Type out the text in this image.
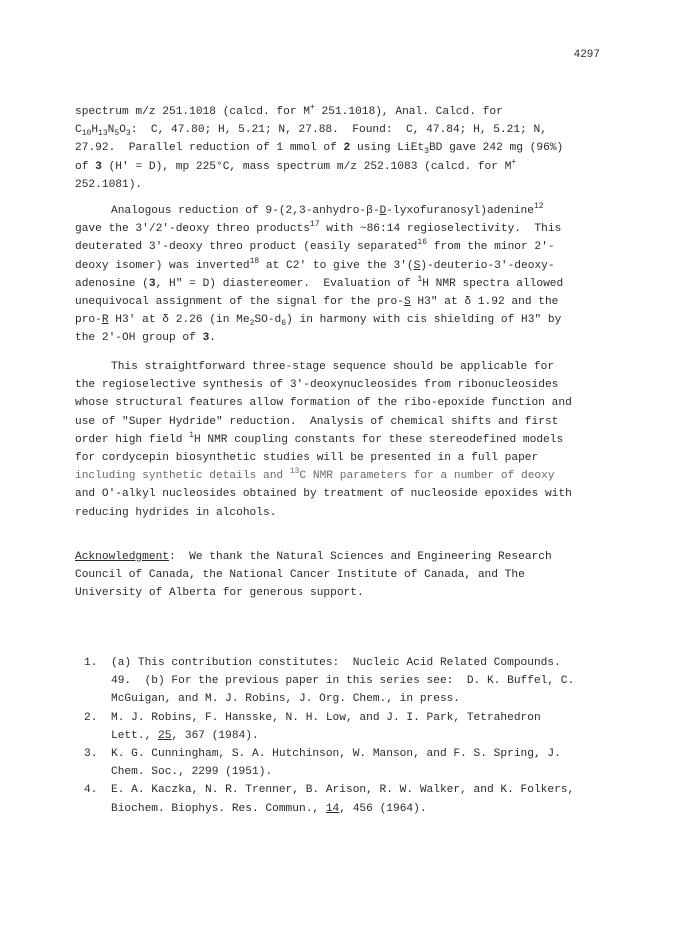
4297
spectrum m/z 251.1018 (calcd. for M+ 251.1018), Anal. Calcd. for
$C_{10}H_{13}N_5O_3$:  C, 47.80; H, 5.21; N, 27.88.  Found:  C, 47.84; H, 5.21; N,
27.92.  Parallel reduction of 1 mmol of 2 using LiEt$_3$BD gave 242 mg (96%)
of 3 (H' = D), mp 225°C, mass spectrum m/z 252.1083 (calcd. for M+
252.1081).
Analogous reduction of 9-(2,3-anhydro-β-D-lyxofuranosyl)adenine$^{12}$
gave the 3'/2'-deoxy threo products$^{17}$ with ~86:14 regioselectivity.  This
deuterated 3'-deoxy threo product (easily separated$^{16}$ from the minor 2'-
deoxy isomer) was inverted$^{18}$ at C2' to give the 3'(S)-deuterio-3'-deoxy-
adenosine (3, H" = D) diastereomer.  Evaluation of $^1$H NMR spectra allowed
unequivocal assignment of the signal for the pro-S H3" at δ 1.92 and the
pro-R H3' at δ 2.26 (in $Me_2SO-d_6$) in harmony with cis shielding of H3" by
the 2'-OH group of 3.
This straightforward three-stage sequence should be applicable for
the regioselective synthesis of 3'-deoxynucleosides from ribonucleosides
whose structural features allow formation of the ribo-epoxide function and
use of "Super Hydride" reduction.  Analysis of chemical shifts and first
order high field $^1$H NMR coupling constants for these stereodefined models
for cordycepin biosynthetic studies will be presented in a full paper
including synthetic details and $^{13}$C NMR parameters for a number of deoxy
and O'-alkyl nucleosides obtained by treatment of nucleoside epoxides with
reducing hydrides in alcohols.
Acknowledgment:  We thank the Natural Sciences and Engineering Research
Council of Canada, the National Cancer Institute of Canada, and The
University of Alberta for generous support.
1.	(a) This contribution constitutes:  Nucleic Acid Related Compounds.
49.  (b) For the previous paper in this series see:  D. K. Buffel, C.
McGuigan, and M. J. Robins, J. Org. Chem., in press.
2.	M. J. Robins, F. Hansske, N. H. Low, and J. I. Park, Tetrahedron
Lett., 25, 367 (1984).
3.	K. G. Cunningham, S. A. Hutchinson, W. Manson, and F. S. Spring, J.
Chem. Soc., 2299 (1951).
4.	E. A. Kaczka, N. R. Trenner, B. Arison, R. W. Walker, and K. Folkers,
Biochem. Biophys. Res. Commun., 14, 456 (1964).
